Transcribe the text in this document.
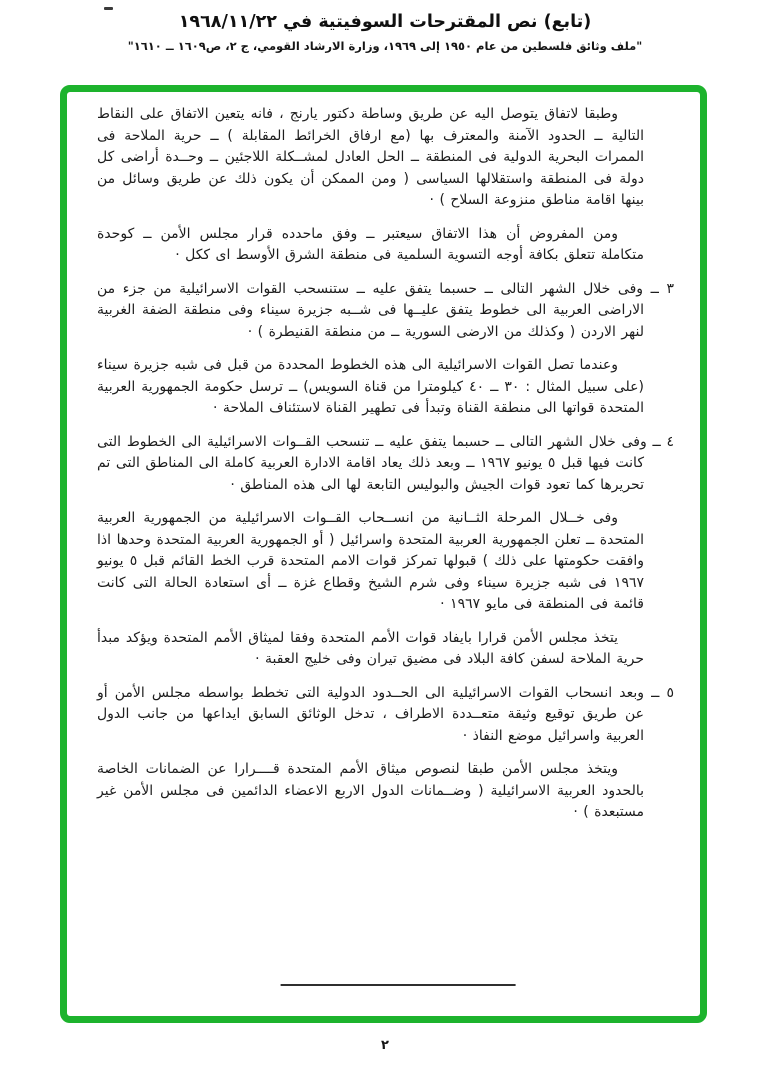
(تابع) نص المقترحات السوفيتية في ١٩٦٨/١١/٢٢
"ملف وثائق فلسطين من عام ١٩٥٠ إلى ١٩٦٩، وزارة الارشاد القومي، ج ٢، ص١٦٠٩ ــ ١٦١٠"

وطبقا لاتفاق يتوصل اليه عن طريق وساطة دكتور يارنج ، فانه يتعين الاتفاق على النقاط التالية ــ الحدود الآمنة والمعترف بها (مع ارفاق الخرائط المقابلة ) ــ حرية الملاحة فى الممرات البحرية الدولية فى المنطقة ــ الحل العادل لمشــكلة اللاجئين ــ وحــدة أراضى كل دولة فى المنطقة واستقلالها السياسى ( ومن الممكن أن يكون ذلك عن طريق وسائل من بينها اقامة مناطق منزوعة السلاح ) ·

ومن المفروض أن هذا الاتفاق سيعتبر ــ وفق ماحدده قرار مجلس الأمن ــ كوحدة متكاملة تتعلق بكافة أوجه التسوية السلمية فى منطقة الشرق الأوسط اى ككل ·

٣ ــ وفى خلال الشهر التالى ــ حسبما يتفق عليه ــ ستنسحب القوات الاسرائيلية من جزء من الاراضى العربية الى خطوط يتفق عليــها فى شــبه جزيرة سيناء وفى منطقة الضفة الغربية لنهر الاردن ( وكذلك من الارضى السورية ــ من منطقة القنيطرة ) ·

وعندما تصل القوات الاسرائيلية الى هذه الخطوط المحددة من قبل فى شبه جزيرة سيناء (على سبيل المثال : ٣٠ ــ ٤٠ كيلومترا من قناة السويس) ــ ترسل حكومة الجمهورية العربية المتحدة قواتها الى منطقة القناة وتبدأ فى تطهير القناة لاستئناف الملاحة ·

٤ ــ وفى خلال الشهر التالى ــ حسبما يتفق عليه ــ تنسحب القــوات الاسرائيلية الى الخطوط التى كانت فيها قبل ٥ يونيو ١٩٦٧ ــ وبعد ذلك يعاد اقامة الادارة العربية كاملة الى المناطق التى تم تحريرها كما تعود قوات الجيش والبوليس التابعة لها الى هذه المناطق ·

وفى خــلال المرحلة الثــانية من انســحاب القــوات الاسرائيلية من الجمهورية العربية المتحدة ــ تعلن الجمهورية العربية المتحدة واسرائيل ( أو الجمهورية العربية المتحدة وحدها اذا وافقت حكومتها على ذلك ) قبولها تمركز قوات الامم المتحدة قرب الخط القائم قبل ٥ يونيو ١٩٦٧ فى شبه جزيرة سيناء وفى شرم الشيخ وقطاع غزة ــ أى استعادة الحالة التى كانت قائمة فى المنطقة فى مايو ١٩٦٧ ·

يتخذ مجلس الأمن قرارا بايفاد قوات الأمم المتحدة وفقا لميثاق الأمم المتحدة ويؤكد مبدأ حرية الملاحة لسفن كافة البلاد فى مضيق تيران وفى خليج العقبة ·

٥ ــ وبعد انسحاب القوات الاسرائيلية الى الحــدود الدولية التى تخطط بواسطه مجلس الأمن أو عن طريق توقيع وثيقة متعــددة الاطراف ، تدخل الوثائق السابق ايداعها من جانب الدول العربية واسرائيل موضع النفاذ ·

ويتخذ مجلس الأمن طبقا لنصوص ميثاق الأمم المتحدة قــــرارا عن الضمانات الخاصة بالحدود العربية الاسرائيلية ( وضــمانات الدول الاربع الاعضاء الدائمين فى مجلس الأمن غير مستبعدة ) ·

٢
